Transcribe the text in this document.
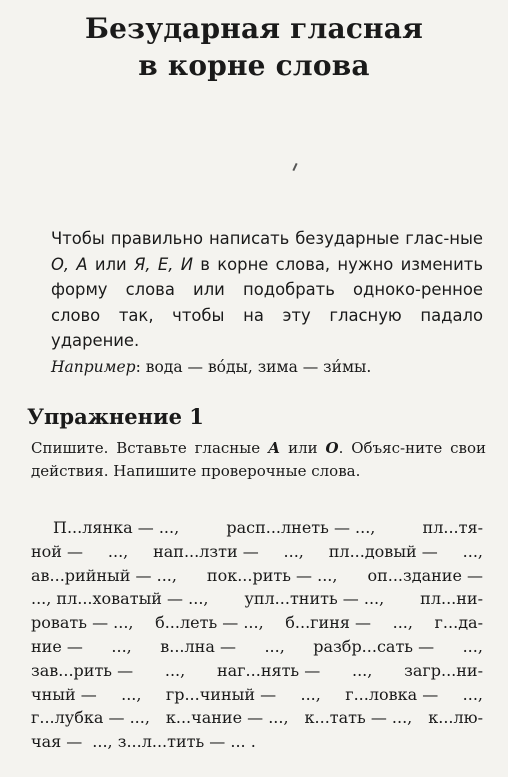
Безударная гласная
в корне слова
Чтобы правильно написать безударные глас-ные О, А или Я, Е, И в корне слова, нужно изменить форму слова или подобрать одноко-ренное слово так, чтобы на эту гласную падало ударение.
Например: вода — во́ды, зима — зи́мы.
Упражнение 1
Спишите. Вставьте гласные А или О. Объяс-ните свои действия. Напишите проверочные слова.
П...лянка — ...,	расп...лнеть — ...,	пл...тя-
ной — ..., нап...лзти — ..., пл...довый — ...,
ав...рийный — ..., пок...рить — ..., оп...здание —
..., пл...ховатый — ..., упл...тнить — ..., пл...ни-
ровать — ..., б...леть — ..., б...гиня — ..., г...да-
ние — ..., в...лна — ..., разбр...сать — ...,
зав...рить — ..., наг...нять — ..., загр...ни-
чный — ..., гр...чиный — ..., г...ловка — ...,
г...лубка — ..., к...чание — ..., к...тать — ..., к...лю-
чая — ..., з...л...тить — ... .
